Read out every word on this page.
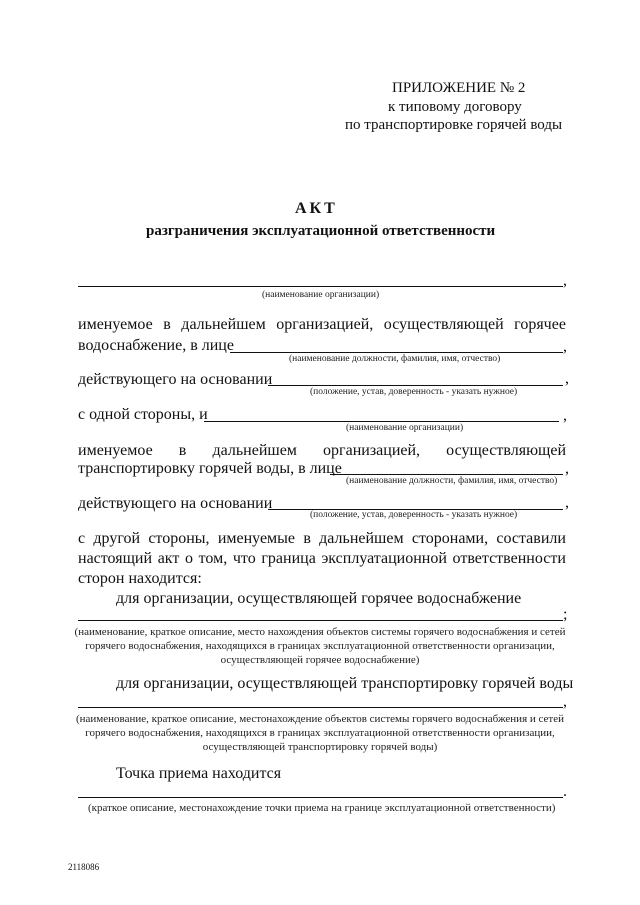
ПРИЛОЖЕНИЕ № 2
к типовому договору
по транспортировке горячей воды
АКТ
разграничения эксплуатационной ответственности
,
(наименование организации)
именуемое в дальнейшем организацией, осуществляющей горячее
водоснабжение, в лице	,
(наименование должности, фамилия, имя, отчество)
действующего на основании	,
(положение, устав, доверенность - указать нужное)
с одной стороны, и	,
(наименование организации)
именуемое в дальнейшем организацией, осуществляющей
транспортировку горячей воды, в лице	,
(наименование должности, фамилия, имя, отчество)
действующего на основании	,
(положение, устав, доверенность - указать нужное)
с другой стороны, именуемые в дальнейшем сторонами, составили
настоящий акт о том, что граница эксплуатационной ответственности
сторон находится:
для организации, осуществляющей горячее водоснабжение
;
(наименование, краткое описание, место нахождения объектов системы горячего водоснабжения и сетей горячего водоснабжения, находящихся в границах эксплуатационной ответственности организации, осуществляющей горячее водоснабжение)
для организации, осуществляющей транспортировку горячей воды
,
(наименование, краткое описание, местонахождение объектов системы горячего водоснабжения и сетей горячего водоснабжения, находящихся в границах эксплуатационной ответственности организации, осуществляющей транспортировку горячей воды)
Точка приема находится
.
(краткое описание, местонахождение точки приема на границе эксплуатационной ответственности)
2118086
